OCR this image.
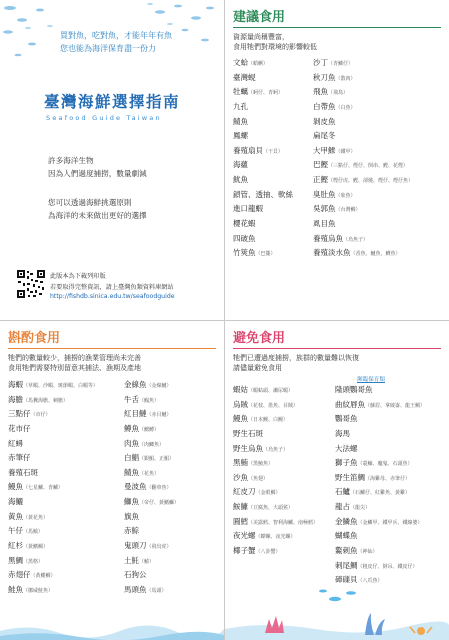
買對魚，吃對魚，才能年年有魚
您也能為海洋保育盡一份力
臺灣海鮮選擇指南
Seafood Guide Taiwan
許多海洋生物
因為人們過度捕撈，數量劇減
您可以透過海鮮挑選原則
為海洋的未來做出更好的選擇
此版本為下載列印版
若要取得完整資訊，請上臺灣魚類資料庫網站
http://fishdb.sinica.edu.tw/seafoodguide
建議食用
資源量尚稱豐富，
食用牠們對環境的影響較低
文蛤（蛤蜊）
臺灣蜆
牡蠣（蚵仔、青蚵）
九孔
鯖魚
鳳螺
養殖扇貝（干貝）
海蘊
魷魚
鎖管、透抽、軟絲
進口龍蝦
櫻花蝦
四破魚
竹筴魚（巴攏）
沙丁（青鱗仔）
秋刀魚（散肉）
飛魚（飛鳥）
白帶魚（白魚）
剝皮魚
扁尾冬
大甲鰺（鐵甲）
巴鰹（三點仔、煙仔、倒串、鰹、花煙）
正鰹（煙仔虎、鰹、卻燒、煙仔、煙仔魚）
臭肚魚（象魚）
吳郭魚（台灣鯛）
虱目魚
養殖烏魚（烏魚子）
養殖淡水魚（香魚、鰱魚、鱒魚）
斟酌食用
牠們的數量較少，捕撈的漁業管理尚未完善
食用牠們需要特別留意其捕法、漁期及產地
海蝦（草蝦、沙蝦、斑節蝦、白蝦等）
海膽（馬糞海膽、刺膽）
三點仔（市仔）
花市仔
紅蟳
赤筆仔
養殖石斑
鰻魚（七星鱸、青鱸）
海鱺
黃魚（黃花魚）
午仔（馬鮁）
紅杉（黃鰭鯛）
黑鯛（黑格）
赤翅仔（黃鰭鯛）
鮭魚（挪威鮭魚）
金線魚（金線鰱）
牛舌（鰨魚）
紅目鰱（赤目鰱）
鱒魚（鰓鱒）
肉魚（肉鯽魚）
白鯧（銀鯧、正鯧）
鯖魚（花魚）
曼波魚（翻車魚）
鰤魚（帝仔、黃鰭鰤）
旗魚
赤鯮
鬼頭刀（飛烏虎）
土魠（鰆）
石狗公
馬頭魚（馬頭）
避免食用
牠們已遭過度捕撈，族群的數量難以恢復
請儘量避免食用
瀕臨保育類
蝦姑（蝦蛄頭、瀨尿蝦）
烏賊（花枝、墨魚、目賊）
鰻魚（日本鰻、白鰻）
野生石斑
野生烏魚（烏魚子）
黑鮪（黑鮪魚）
沙魚（魚翅）
紅皮刀（金眼鯛）
鮟鱇（豆腐魚、大頭鯊）
圓鱈（美露鱈、智利海鱸、南極鱈）
夜光螺（蠑螺、夜光螺）
椰子蟹（八卦蟹）
隆頭鸚哥魚
曲紋唇魚（蘇眉、拿破崙、龍王鯛）
鸚哥魚
海馬
大法螺
獅子魚（蓑鮋、魔鬼、石頭魚）
野生笛鯛（海雞母、赤筆仔）
石鱸（石鱸仔、紅雞魚、黃雞）
龍占（龍尖）
金鱗魚（金鱗甲、鐵甲兵、鐵線婆）
蝴蝶魚
鰲刺魚（神仙）
刺尾鯛（粗皮仔、倒吊、鐵皮仔）
硨磲貝（八爪魚）
